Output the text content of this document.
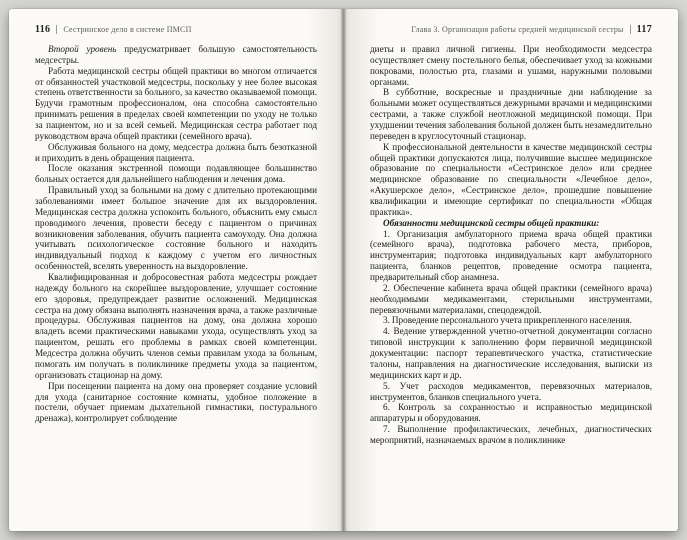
116 Сестринское дело в системе ПМСП

Второй уровень предусматривает большую самостоятельность медсестры.

Работа медицинской сестры общей практики во многом отличается от обязанностей участковой медсестры, поскольку у нее более высокая степень ответственности за больного, за качество оказываемой помощи. Будучи грамотным профессионалом, она способна самостоятельно принимать решения в пределах своей компетенции по уходу не только за пациентом, но и за всей семьей. Медицинская сестра работает под руководством врача общей практики (семейного врача).

Обслуживая больного на дому, медсестра должна быть безотказной и приходить в день обращения пациента.

После оказания экстренной помощи подавляющее большинство больных остается для дальнейшего наблюдения и лечения дома.

Правильный уход за больными на дому с длительно протекающими заболеваниями имеет большое значение для их выздоровления. Медицинская сестра должна успокоить больного, объяснить ему смысл проводимого лечения, провести беседу с пациентом о причинах возникновения заболевания, обучить пациента самоуходу. Она должна учитывать психологическое состояние больного и находить индивидуальный подход к каждому с учетом его личностных особенностей, вселять уверенность на выздоровление.

Квалифицированная и добросовестная работа медсестры рождает надежду больного на скорейшее выздоровление, улучшает состояние его здоровья, предупреждает развитие осложнений. Медицинская сестра на дому обязана выполнять назначения врача, а также различные процедуры. Обслуживая пациентов на дому, она должна хорошо владеть всеми практическими навыками ухода, осуществлять уход за пациентом, решать его проблемы в рамках своей компетенции. Медсестра должна обучить членов семьи правилам ухода за больным, помогать им получать в поликлинике предметы ухода за пациентом, организовать стационар на дому.

При посещении пациента на дому она проверяет создание условий для ухода (санитарное состояние комнаты, удобное положение в постели, обучает приемам дыхательной гимнастики, постурального дренажа), контролирует соблюдение

Глава 3. Организация работы средней медицинской сестры 117

диеты и правил личной гигиены. При необходимости медсестра осуществляет смену постельного белья, обеспечивает уход за кожными покровами, полостью рта, глазами и ушами, наружными половыми органами.

В субботние, воскресные и праздничные дни наблюдение за больными может осуществляться дежурными врачами и медицинскими сестрами, а также службой неотложной медицинской помощи. При ухудшении течения заболевания больной должен быть незамедлительно переведен в круглосуточный стационар.

К профессиональной деятельности в качестве медицинской сестры общей практики допускаются лица, получившие высшее медицинское образование по специальности «Сестринское дело» или среднее медицинское образование по специальности «Лечебное дело», «Акушерское дело», «Сестринское дело», прошедшие повышение квалификации и имеющие сертификат по специальности «Общая практика».

Обязанности медицинской сестры общей практики:

1. Организация амбулаторного приема врача общей практики (семейного врача), подготовка рабочего места, приборов, инструментария; подготовка индивидуальных карт амбулаторного пациента, бланков рецептов, проведение осмотра пациента, предварительный сбор анамнеза.

2. Обеспечение кабинета врача общей практики (семейного врача) необходимыми медикаментами, стерильными инструментами, перевязочными материалами, спецодеждой.

3. Проведение персонального учета прикрепленного населения.

4. Ведение утвержденной учетно-отчетной документации согласно типовой инструкции к заполнению форм первичной медицинской документации: паспорт терапевтического участка, статистические талоны, направления на диагностические исследования, выписки из медицинских карт и др.

5. Учет расходов медикаментов, перевязочных материалов, инструментов, бланков специального учета.

6. Контроль за сохранностью и исправностью медицинской аппаратуры и оборудования.

7. Выполнение профилактических, лечебных, диагностических мероприятий, назначаемых врачом в поликлинике
